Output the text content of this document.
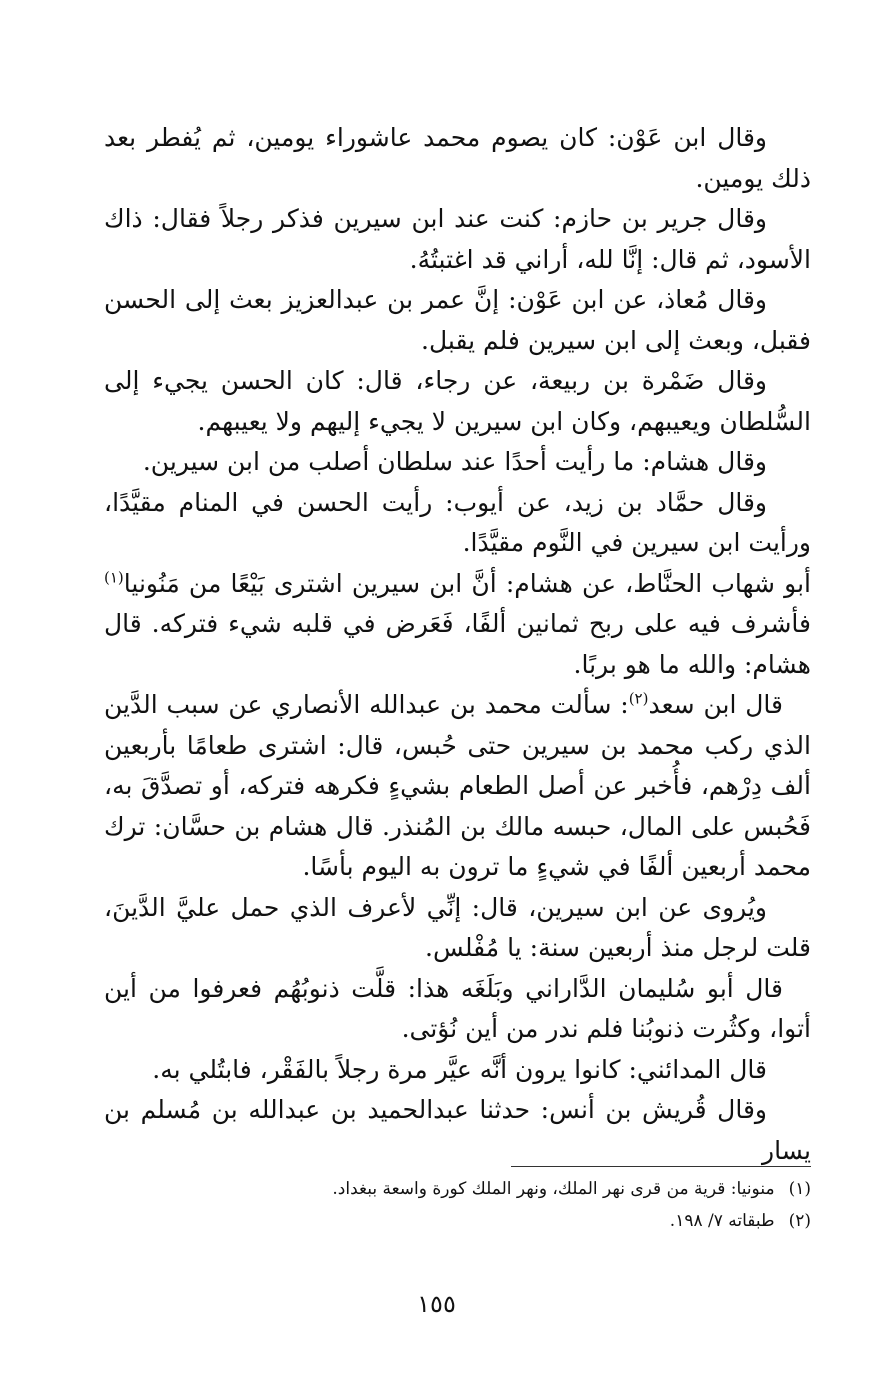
وقال ابن عَوْن: كان يصوم محمد عاشوراء يومين، ثم يُفطر بعد ذلك يومين.

وقال جرير بن حازم: كنت عند ابن سيرين فذكر رجلاً فقال: ذاك الأسود، ثم قال: إنَّا لله، أراني قد اغتبتُهُ.

وقال مُعاذ، عن ابن عَوْن: إنَّ عمر بن عبدالعزيز بعث إلى الحسن فقبل، وبعث إلى ابن سيرين فلم يقبل.

وقال ضَمْرة بن ربيعة، عن رجاء، قال: كان الحسن يجيء إلى السُّلطان ويعيبهم، وكان ابن سيرين لا يجيء إليهم ولا يعيبهم.

وقال هشام: ما رأيت أحدًا عند سلطان أصلب من ابن سيرين.

وقال حمَّاد بن زيد، عن أيوب: رأيت الحسن في المنام مقيَّدًا، ورأيت ابن سيرين في النَّوم مقيَّدًا.

أبو شهاب الحنَّاط، عن هشام: أنَّ ابن سيرين اشترى بَيْعًا من مَنُونيا$^{(١)}$ فأشرف فيه على ربح ثمانين ألفًا، فَعَرض في قلبه شيء فتركه. قال هشام: والله ما هو بربًا.

قال ابن سعد$^{(٢)}$: سألت محمد بن عبدالله الأنصاري عن سبب الدَّين الذي ركب محمد بن سيرين حتى حُبس، قال: اشترى طعامًا بأربعين ألف دِرْهم، فأُخبر عن أصل الطعام بشيءٍ فكرهه فتركه، أو تصدَّقَ به، فَحُبس على المال، حبسه مالك بن المُنذر. قال هشام بن حسَّان: ترك محمد أربعين ألفًا في شيءٍ ما ترون به اليوم بأسًا.

ويُروى عن ابن سيرين، قال: إنِّي لأعرف الذي حمل عليَّ الدَّينَ، قلت لرجل منذ أربعين سنة: يا مُفْلس.

قال أبو سُليمان الدَّاراني وبَلَغَه هذا: قلَّت ذنوبُهُم فعرفوا من أين أتوا، وكثُرت ذنوبُنا فلم ندر من أين نُؤتى.

قال المدائني: كانوا يرون أنَّه عيَّر مرة رجلاً بالفَقْر، فابتُلي به.

وقال قُريش بن أنس: حدثنا عبدالحميد بن عبدالله بن مُسلم بن يسار

(١)منونيا: قرية من قرى نهر الملك، ونهر الملك كورة واسعة ببغداد.

(٢)طبقاته ٧/ ١٩٨.

١٥٥
